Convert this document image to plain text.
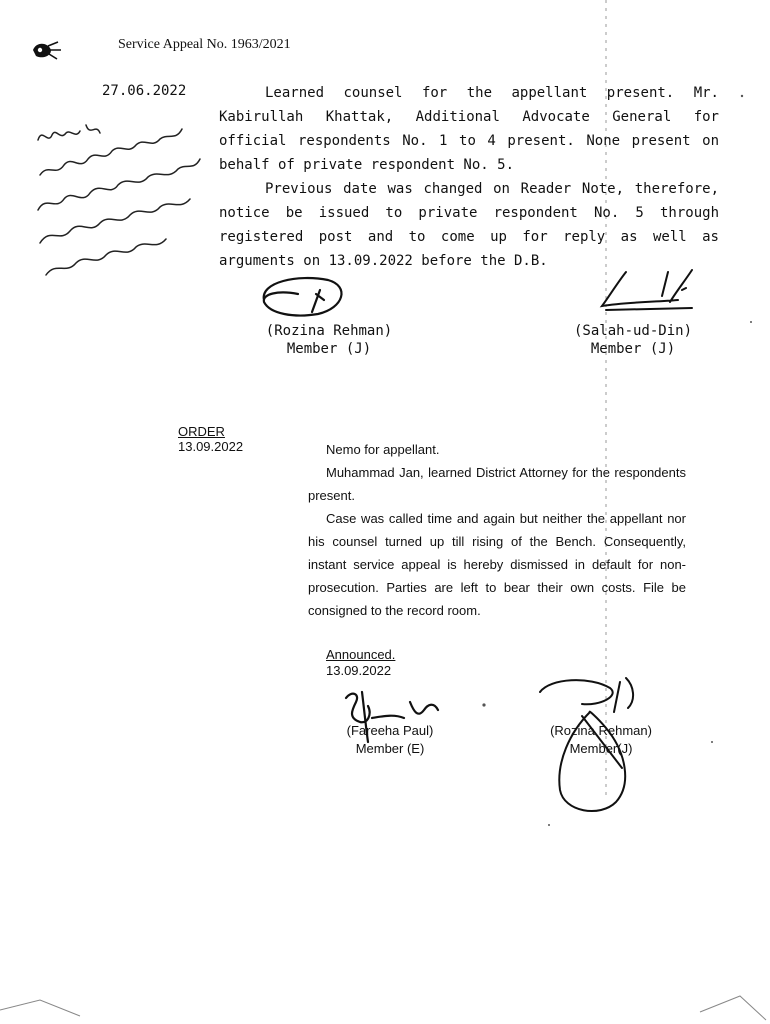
Service Appeal No. 1963/2021
27.06.2022	Learned counsel for the appellant present. Mr. Kabirullah Khattak, Additional Advocate General for official respondents No. 1 to 4 present. None present on behalf of private respondent No. 5.

Previous date was changed on Reader Note, therefore, notice be issued to private respondent No. 5 through registered post and to come up for reply as well as arguments on 13.09.2022 before the D.B.

(Rozina Rehman)
Member (J)
(Salah-ud-Din)
Member (J)
ORDER
13.09.2022	Nemo for appellant.

Muhammad Jan, learned District Attorney for the respondents present.

Case was called time and again but neither the appellant nor his counsel turned up till rising of the Bench. Consequently, instant service appeal is hereby dismissed in default for non-prosecution. Parties are left to bear their own costs. File be consigned to the record room.

Announced.
13.09.2022
(Fareeha Paul)
Member (E)
(Rozina Rehman)
Member(J)
